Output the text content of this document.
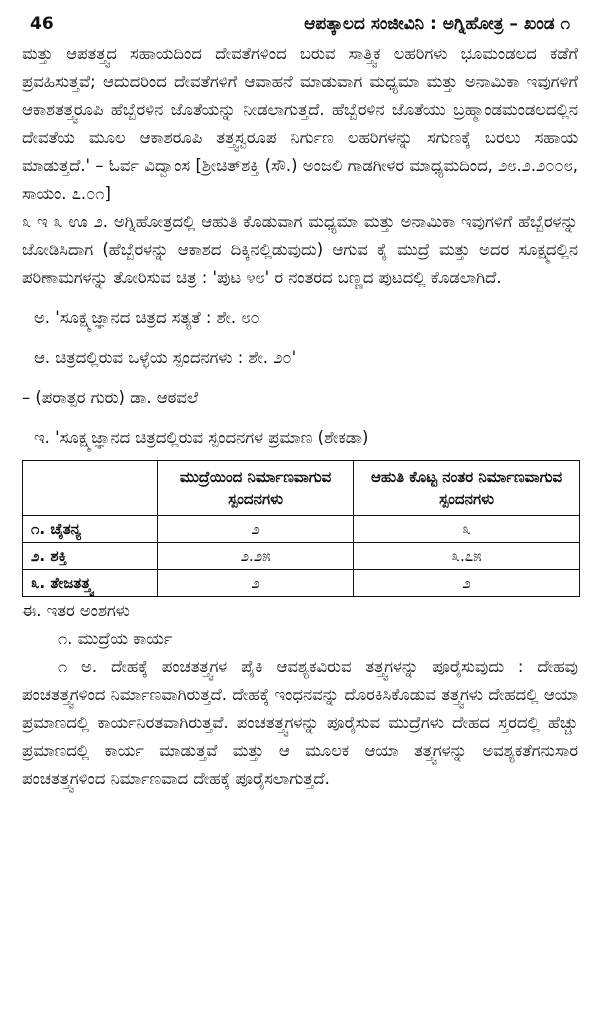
46	ಆಪತ್ಕಾಲದ ಸಂಜೀವಿನಿ : ಅಗ್ನಿಹೋತ್ರ – ಖಂಡ ೧

ಮತ್ತು ಆಪತತ್ತ್ವದ ಸಹಾಯದಿಂದ ದೇವತೆಗಳಿಂದ ಬರುವ ಸಾತ್ತ್ವಿಕ ಲಹರಿಗಳು ಭೂಮಂಡಲದ ಕಡೆಗೆ ಪ್ರವಹಿಸುತ್ತವೆ; ಆದುದರಿಂದ ದೇವತೆಗಳಿಗೆ ಆವಾಹನೆ ಮಾಡುವಾಗ ಮಧ್ಯಮಾ ಮತ್ತು ಅನಾಮಿಕಾ ಇವುಗಳಿಗೆ ಆಕಾಶತತ್ತ್ವರೂಪಿ ಹೆಬ್ಬೆರಳಿನ ಜೊತೆಯನ್ನು ನೀಡಲಾಗುತ್ತದೆ. ಹೆಬ್ಬೆರಳಿನ ಜೊತೆಯು ಬ್ರಹ್ಮಾಂಡಮಂಡಲದಲ್ಲಿನ ದೇವತೆಯ ಮೂಲ ಆಕಾಶರೂಪಿ ತತ್ತ್ವಸ್ವರೂಪ ನಿರ್ಗುಣ ಲಹರಿಗಳನ್ನು ಸಗುಣಕ್ಕೆ ಬರಲು ಸಹಾಯ ಮಾಡುತ್ತದೆ.' – ಓರ್ವ ವಿದ್ವಾಂಸ [ಶ್ರೀಚಿತ್‌ಶಕ್ತಿ (ಸೌ.) ಅಂಜಲಿ ಗಾಡಗೀಳರ ಮಾಧ್ಯಮದಿಂದ, ೨೮.೨.೨೦೦೮, ಸಾಯಂ. ೭.೦೧]

೩ ಇ ೩ ಊ ೨. ಅಗ್ನಿಹೋತ್ರದಲ್ಲಿ ಆಹುತಿ ಕೊಡುವಾಗ ಮಧ್ಯಮಾ ಮತ್ತು ಅನಾಮಿಕಾ ಇವುಗಳಿಗೆ ಹೆಬ್ಬೆರಳನ್ನು ಜೋಡಿಸಿದಾಗ (ಹೆಬ್ಬೆರಳನ್ನು ಆಕಾಶದ ದಿಕ್ಕಿನಲ್ಲಿಡುವುದು) ಆಗುವ ಕೈ ಮುದ್ರೆ ಮತ್ತು ಅದರ ಸೂಕ್ಷ್ಮದಲ್ಲಿನ ಪರಿಣಾಮಗಳನ್ನು ತೋರಿಸುವ ಚಿತ್ರ : 'ಪುಟ ೪೮' ರ ನಂತರದ ಬಣ್ಣದ ಪುಟದಲ್ಲಿ ಕೊಡಲಾಗಿದೆ.

ಅ. 'ಸೂಕ್ಷ್ಮಜ್ಞಾನದ ಚಿತ್ರದ ಸತ್ಯತೆ : ಶೇ. ೮೦
ಆ. ಚಿತ್ರದಲ್ಲಿರುವ ಒಳ್ಳೆಯ ಸ್ಪಂದನಗಳು : ಶೇ. ೨೦'
– (ಪರಾತ್ಪರ ಗುರು) ಡಾ. ಆಠವಲೆ
ಇ. 'ಸೂಕ್ಷ್ಮಜ್ಞಾನದ ಚಿತ್ರದಲ್ಲಿರುವ ಸ್ಪಂದನಗಳ ಪ್ರಮಾಣ (ಶೇಕಡಾ)
	ಮುದ್ರೆಯಿಂದ ನಿರ್ಮಾಣವಾಗುವ ಸ್ಪಂದನಗಳು	ಆಹುತಿ ಕೊಟ್ಟ ನಂತರ ನಿರ್ಮಾಣವಾಗುವ ಸ್ಪಂದನಗಳು
೧. ಚೈತನ್ಯ	೨	೩
೨. ಶಕ್ತಿ	೨.೨೫	೩.೭೫
೩. ತೇಜತತ್ತ್ವ	೨	೨
ಈ. ಇತರ ಅಂಶಗಳು
೧. ಮುದ್ರೆಯ ಕಾರ್ಯ

೧ ಅ. ದೇಹಕ್ಕೆ ಪಂಚತತ್ತ್ವಗಳ ಪೈಕಿ ಆವಶ್ಯಕವಿರುವ ತತ್ತ್ವಗಳನ್ನು ಪೂರೈಸುವುದು : ದೇಹವು ಪಂಚತತ್ತ್ವಗಳಿಂದ ನಿರ್ಮಾಣವಾಗಿರುತ್ತದೆ. ದೇಹಕ್ಕೆ ಇಂಧನವನ್ನು ದೊರಕಿಸಿಕೊಡುವ ತತ್ತ್ವಗಳು ದೇಹದಲ್ಲಿ ಆಯಾ ಪ್ರಮಾಣದಲ್ಲಿ ಕಾರ್ಯನಿರತವಾಗಿರುತ್ತವೆ. ಪಂಚತತ್ತ್ವಗಳನ್ನು ಪೂರೈಸುವ ಮುದ್ರೆಗಳು ದೇಹದ ಸ್ತರದಲ್ಲಿ ಹೆಚ್ಚು ಪ್ರಮಾಣದಲ್ಲಿ ಕಾರ್ಯ ಮಾಡುತ್ತವೆ ಮತ್ತು ಆ ಮೂಲಕ ಆಯಾ ತತ್ತ್ವಗಳನ್ನು ಅವಶ್ಯಕತೆಗನುಸಾರ ಪಂಚತತ್ತ್ವಗಳಿಂದ ನಿರ್ಮಾಣವಾದ ದೇಹಕ್ಕೆ ಪೂರೈಸಲಾಗುತ್ತದೆ.
